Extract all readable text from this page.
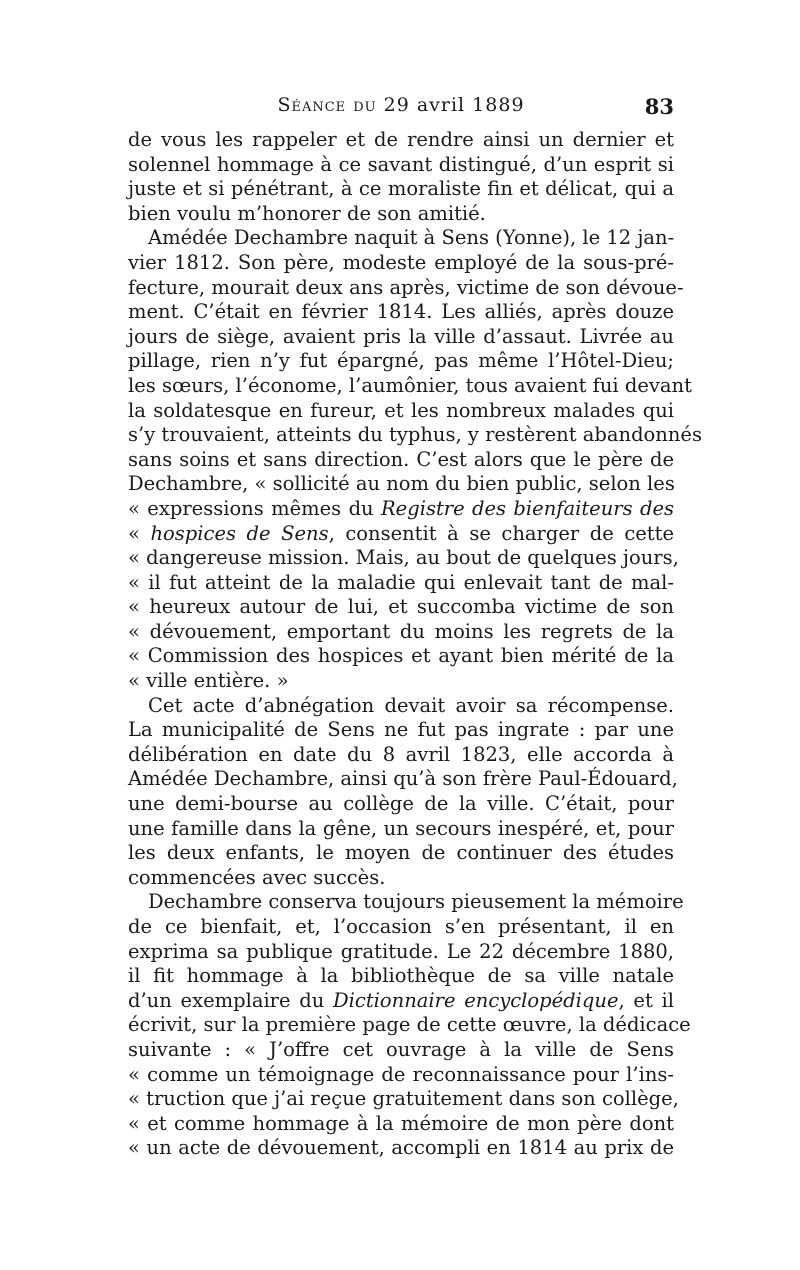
Séance du 29 avril 1889	83
de vous les rappeler et de rendre ainsi un dernier et
solennel hommage à ce savant distingué, d’un esprit si
juste et si pénétrant, à ce moraliste fin et délicat, qui a
bien voulu m’honorer de son amitié.
Amédée Dechambre naquit à Sens (Yonne), le 12 jan-
vier 1812. Son père, modeste employé de la sous-pré-
fecture, mourait deux ans après, victime de son dévoue-
ment. C’était en février 1814. Les alliés, après douze
jours de siège, avaient pris la ville d’assaut. Livrée au
pillage, rien n’y fut épargné, pas même l’Hôtel-Dieu;
les sœurs, l’économe, l’aumônier, tous avaient fui devant
la soldatesque en fureur, et les nombreux malades qui
s’y trouvaient, atteints du typhus, y restèrent abandonnés
sans soins et sans direction. C’est alors que le père de
Dechambre, « sollicité au nom du bien public, selon les
« expressions mêmes du Registre des bienfaiteurs des
« hospices de Sens, consentit à se charger de cette
« dangereuse mission. Mais, au bout de quelques jours,
« il fut atteint de la maladie qui enlevait tant de mal-
« heureux autour de lui, et succomba victime de son
« dévouement, emportant du moins les regrets de la
« Commission des hospices et ayant bien mérité de la
« ville entière. »
Cet acte d’abnégation devait avoir sa récompense.
La municipalité de Sens ne fut pas ingrate : par une
délibération en date du 8 avril 1823, elle accorda à
Amédée Dechambre, ainsi qu’à son frère Paul-Édouard,
une demi-bourse au collège de la ville. C’était, pour
une famille dans la gêne, un secours inespéré, et, pour
les deux enfants, le moyen de continuer des études
commencées avec succès.
Dechambre conserva toujours pieusement la mémoire
de ce bienfait, et, l’occasion s’en présentant, il en
exprima sa publique gratitude. Le 22 décembre 1880,
il fit hommage à la bibliothèque de sa ville natale
d’un exemplaire du Dictionnaire encyclopédique, et il
écrivit, sur la première page de cette œuvre, la dédicace
suivante : « J’offre cet ouvrage à la ville de Sens
« comme un témoignage de reconnaissance pour l’ins-
« truction que j’ai reçue gratuitement dans son collège,
« et comme hommage à la mémoire de mon père dont
« un acte de dévouement, accompli en 1814 au prix de
